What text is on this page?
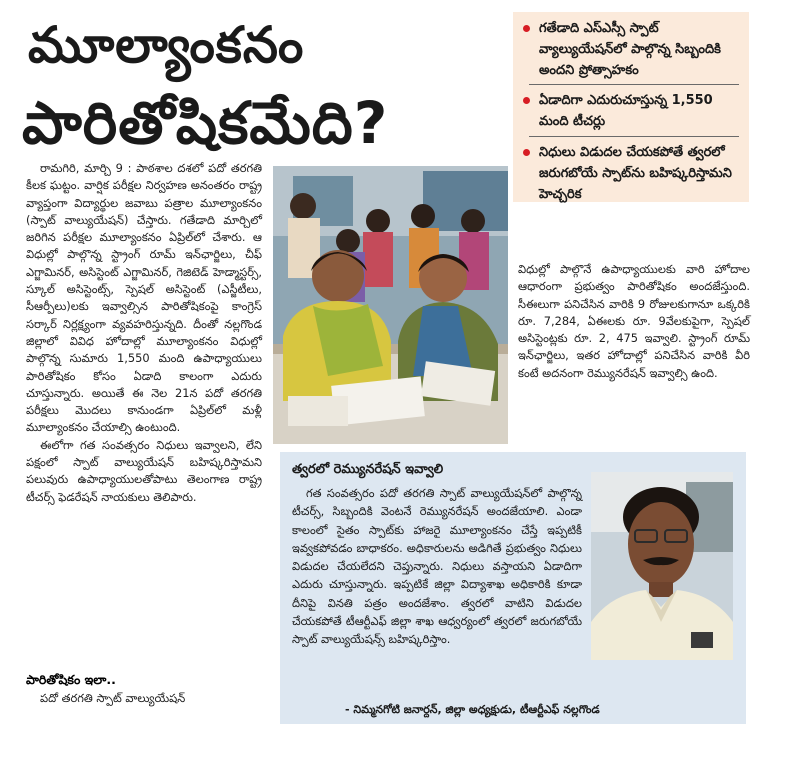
మూల్యాంకనం
పారితోషికమేది?
గతేడాది ఎస్ఎస్సీ స్పాట్ వ్యాల్యుయేషన్‌లో పాల్గొన్న సిబ్బందికి అందని ప్రోత్సాహకం
ఏడాదిగా ఎదురుచూస్తున్న 1,550 మంది టీచర్లు
నిధులు విడుదల చేయకపోతే త్వరలో జరుగబోయే స్పాట్‌ను బహిష్కరిస్తామని హెచ్చరిక
రామగిరి, మార్చి 9 : పాఠశాల దశలో పదో తరగతి కీలక ఘట్టం. వార్షిక పరీక్షల నిర్వహణ అనంతరం రాష్ట్ర వ్యాప్తంగా విద్యార్థుల జవాబు పత్రాల మూల్యాంకనం (స్పాట్ వాల్యుయేషన్) చేస్తారు. గతేడాది మార్చిలో జరిగిన పరీక్షల మూల్యాంకనం ఏప్రిల్‌లో చేశారు. ఆ విధుల్లో పాల్గొన్న స్ట్రాంగ్ రూమ్ ఇన్‌ఛార్జిలు, చీఫ్ ఎగ్జామినర్, అసిస్టెంట్ ఎగ్జామినర్, గెజిటెడ్ హెడ్మాస్టర్స్, స్కూల్ అసిస్టెంట్స్, స్పెషల్ అసిస్టెంట్ (ఎస్జీటీలు, సీఆర్పీలు)లకు ఇవ్వాల్సిన పారితోషికంపై కాంగ్రెస్ సర్కార్ నిర్లక్ష్యంగా వ్యవహరిస్తున్నది. దీంతో నల్లగొండ జిల్లాలో వివిధ హోదాల్లో మూల్యాంకనం విధుల్లో పాల్గొన్న సుమారు 1,550 మంది ఉపాధ్యాయులు పారితోషికం కోసం ఏడాది కాలంగా ఎదురు చూస్తున్నారు. అయితే ఈ నెల 21న పదో తరగతి పరీక్షలు మొదలు కానుండగా ఏప్రిల్‌లో మళ్లీ మూల్యాంకనం చేయాల్సి ఉంటుంది.
ఈలోగా గత సంవత్సరం నిధులు ఇవ్వాలని, లేని పక్షంలో స్పాట్ వాల్యుయేషన్ బహిష్కరిస్తామని పలువురు ఉపాధ్యాయులతోపాటు తెలంగాణ రాష్ట్ర టీచర్స్ ఫెడరేషన్ నాయకులు తెలిపారు.
పారితోషికం ఇలా..
పదో తరగతి స్పాట్ వాల్యుయేషన్
విధుల్లో పాల్గొనే ఉపాధ్యాయులకు వారి హోదాల ఆధారంగా ప్రభుత్వం పారితోషికం అందజేస్తుంది. సీఈలుగా పనిచేసిన వారికి 9 రోజులకుగానూ ఒక్కరికి రూ. 7,284, ఏఈలకు రూ. 9వేలకుపైగా, స్పెషల్ అసిస్టెంట్లకు రూ. 2, 475 ఇవ్వాలి. స్ట్రాంగ్ రూమ్ ఇన్‌ఛార్జిలు, ఇతర హోదాల్లో పనిచేసిన వారికి వీరి కంటే అదనంగా రెమ్యునరేషన్ ఇవ్వాల్సి ఉంది.
త్వరలో రెమ్యునరేషన్ ఇవ్వాలి
గత సంవత్సరం పదో తరగతి స్పాట్ వాల్యుయేషన్‌లో పాల్గొన్న టీచర్స్, సిబ్బందికి వెంటనే రెమ్యునరేషన్ అందజేయాలి. ఎండా కాలంలో సైతం స్పాట్‌కు హాజరై మూల్యాంకనం చేస్తే ఇప్పటికీ ఇవ్వకపోవడం బాధాకరం. అధికారులను అడిగితే ప్రభుత్వం నిధులు విడుదల చేయలేదని చెప్తున్నారు. నిధులు వస్తాయని ఏడాదిగా ఎదురు చూస్తున్నారు. ఇప్పటికే జిల్లా విద్యాశాఖ అధికారికి కూడా దీనిపై వినతి పత్రం అందజేశాం. త్వరలో వాటిని విడుదల చేయకపోతే టీఆర్టీఎఫ్ జిల్లా శాఖ ఆధ్వర్యంలో త్వరలో జరుగబోయే స్పాట్ వాల్యుయేషన్స్ బహిష్కరిస్తాం.
- నిమ్మనగోటి జనార్దన్, జిల్లా అధ్యక్షుడు, టీఆర్టీఎఫ్ నల్లగొండ
